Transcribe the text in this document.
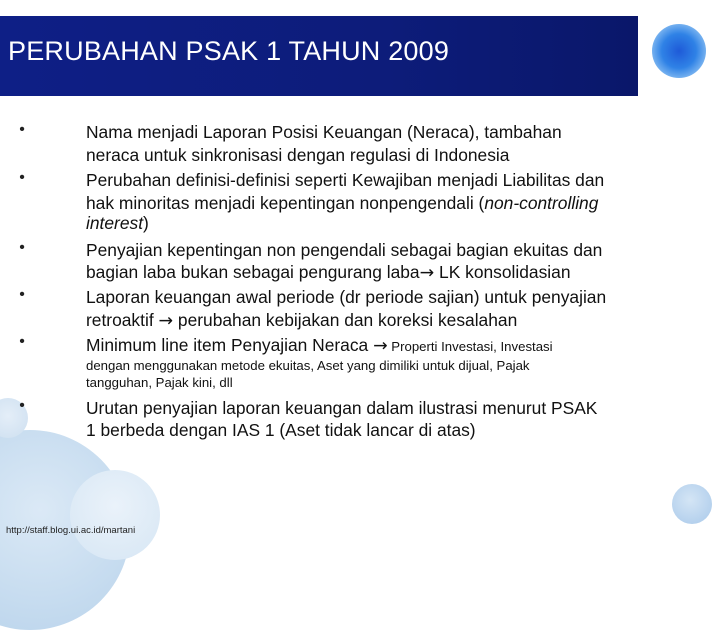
PERUBAHAN PSAK 1 TAHUN 2009
•	Nama menjadi Laporan Posisi Keuangan (Neraca), tambahan
neraca untuk sinkronisasi dengan regulasi di Indonesia
•	Perubahan definisi-definisi seperti Kewajiban menjadi Liabilitas dan
hak minoritas menjadi kepentingan nonpengendali (non-controlling
interest)
•	Penyajian kepentingan non pengendali sebagai bagian ekuitas dan
bagian laba bukan sebagai pengurang laba→ LK konsolidasian
•	Laporan keuangan awal periode (dr periode sajian) untuk penyajian
retroaktif → perubahan kebijakan dan koreksi kesalahan
•	Minimum line item Penyajian Neraca → Properti Investasi, Investasi
dengan menggunakan metode ekuitas, Aset yang dimiliki untuk dijual, Pajak
tangguhan, Pajak kini, dll
•	Urutan penyajian laporan keuangan dalam ilustrasi menurut PSAK
1 berbeda dengan IAS 1 (Aset tidak lancar di atas)
http://staff.blog.ui.ac.id/martani
